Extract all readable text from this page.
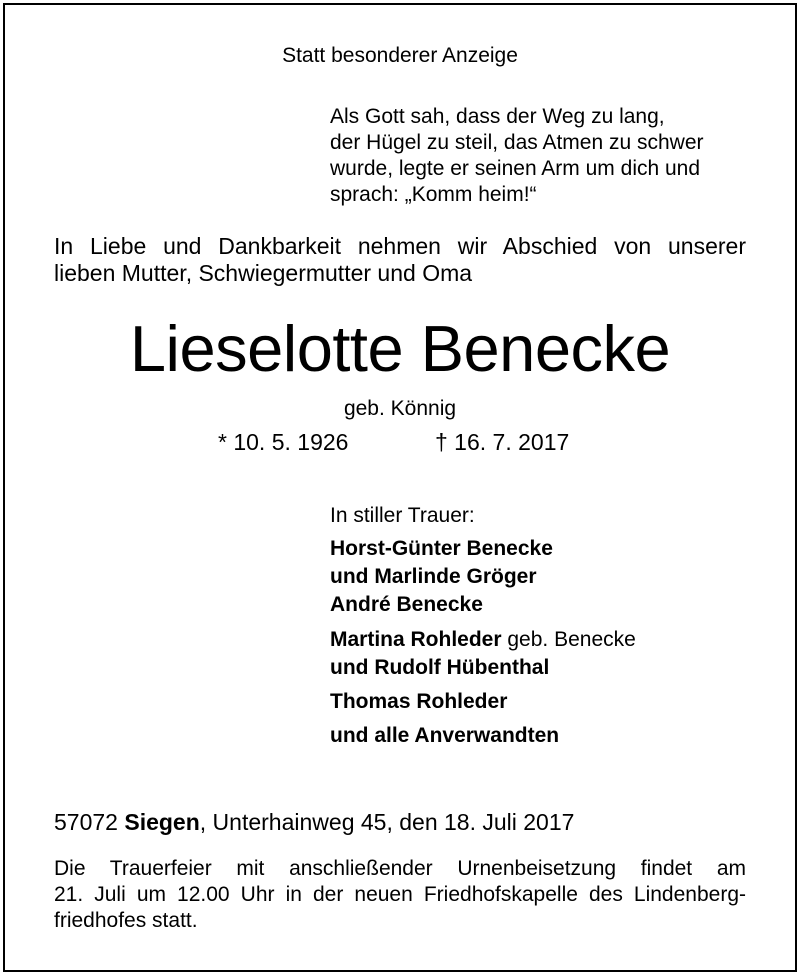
Statt besonderer Anzeige
Als Gott sah, dass der Weg zu lang,
der Hügel zu steil, das Atmen zu schwer
wurde, legte er seinen Arm um dich und
sprach: „Komm heim!“
In Liebe und Dankbarkeit nehmen wir Abschied von unserer
lieben Mutter, Schwiegermutter und Oma
Lieselotte Benecke
geb. Könnig
* 10. 5. 1926	† 16. 7. 2017
In stiller Trauer:
Horst-Günter Benecke
und Marlinde Gröger
André Benecke
Martina Rohleder geb. Benecke
und Rudolf Hübenthal
Thomas Rohleder
und alle Anverwandten
57072 Siegen, Unterhainweg 45, den 18. Juli 2017
Die Trauerfeier mit anschließender Urnenbeisetzung findet am
21. Juli um 12.00 Uhr in der neuen Friedhofskapelle des Lindenberg-
friedhofes statt.
